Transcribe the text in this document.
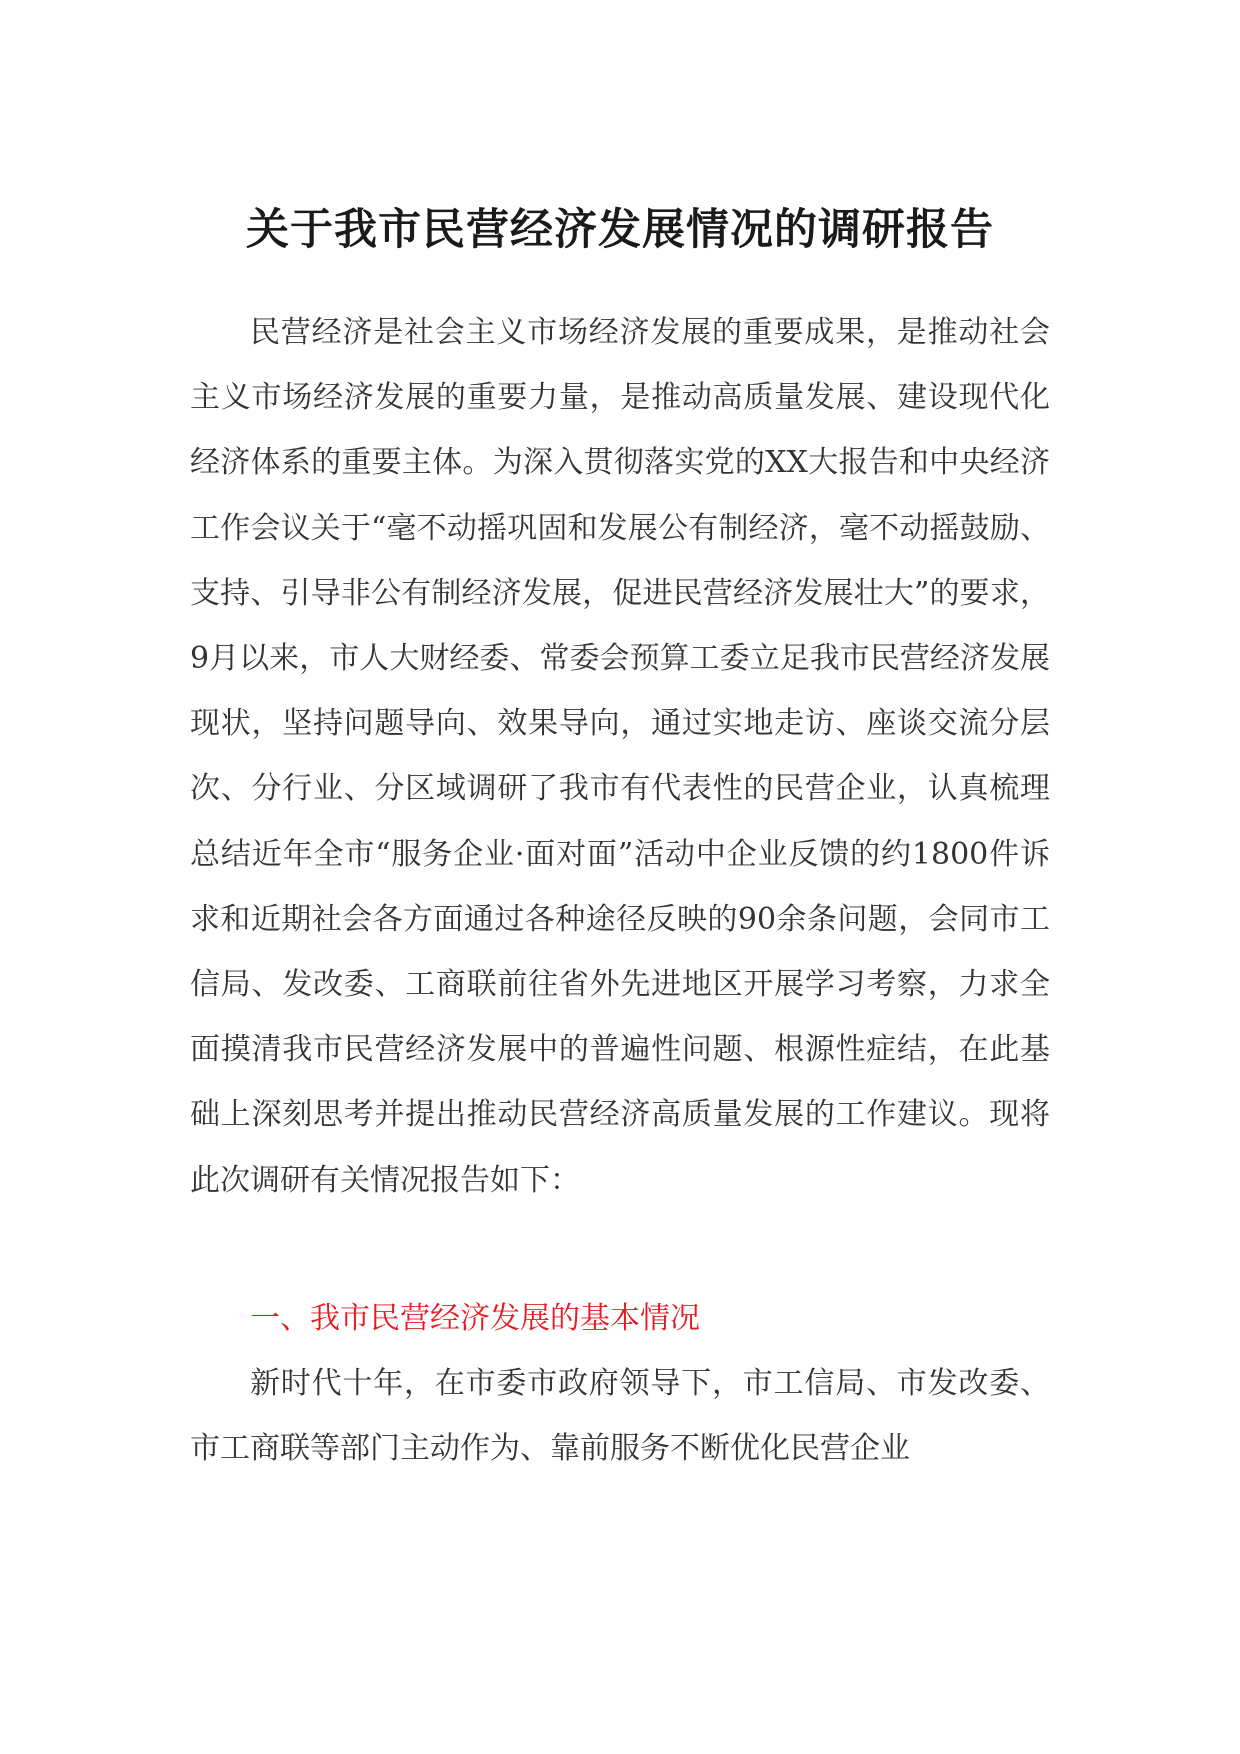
关于我市民营经济发展情况的调研报告

民营经济是社会主义市场经济发展的重要成果，是推动社会主义市场经济发展的重要力量，是推动高质量发展、建设现代化经济体系的重要主体。为深入贯彻落实党的XX大报告和中央经济工作会议关于“毫不动摇巩固和发展公有制经济，毫不动摇鼓励、支持、引导非公有制经济发展，促进民营经济发展壮大”的要求，9月以来，市人大财经委、常委会预算工委立足我市民营经济发展现状，坚持问题导向、效果导向，通过实地走访、座谈交流分层次、分行业、分区域调研了我市有代表性的民营企业，认真梳理总结近年全市“服务企业·面对面”活动中企业反馈的约1800件诉求和近期社会各方面通过各种途径反映的90余条问题，会同市工信局、发改委、工商联前往省外先进地区开展学习考察，力求全面摸清我市民营经济发展中的普遍性问题、根源性症结，在此基础上深刻思考并提出推动民营经济高质量发展的工作建议。现将此次调研有关情况报告如下：

一、我市民营经济发展的基本情况

新时代十年，在市委市政府领导下，市工信局、市发改委、市工商联等部门主动作为、靠前服务不断优化民营企业
